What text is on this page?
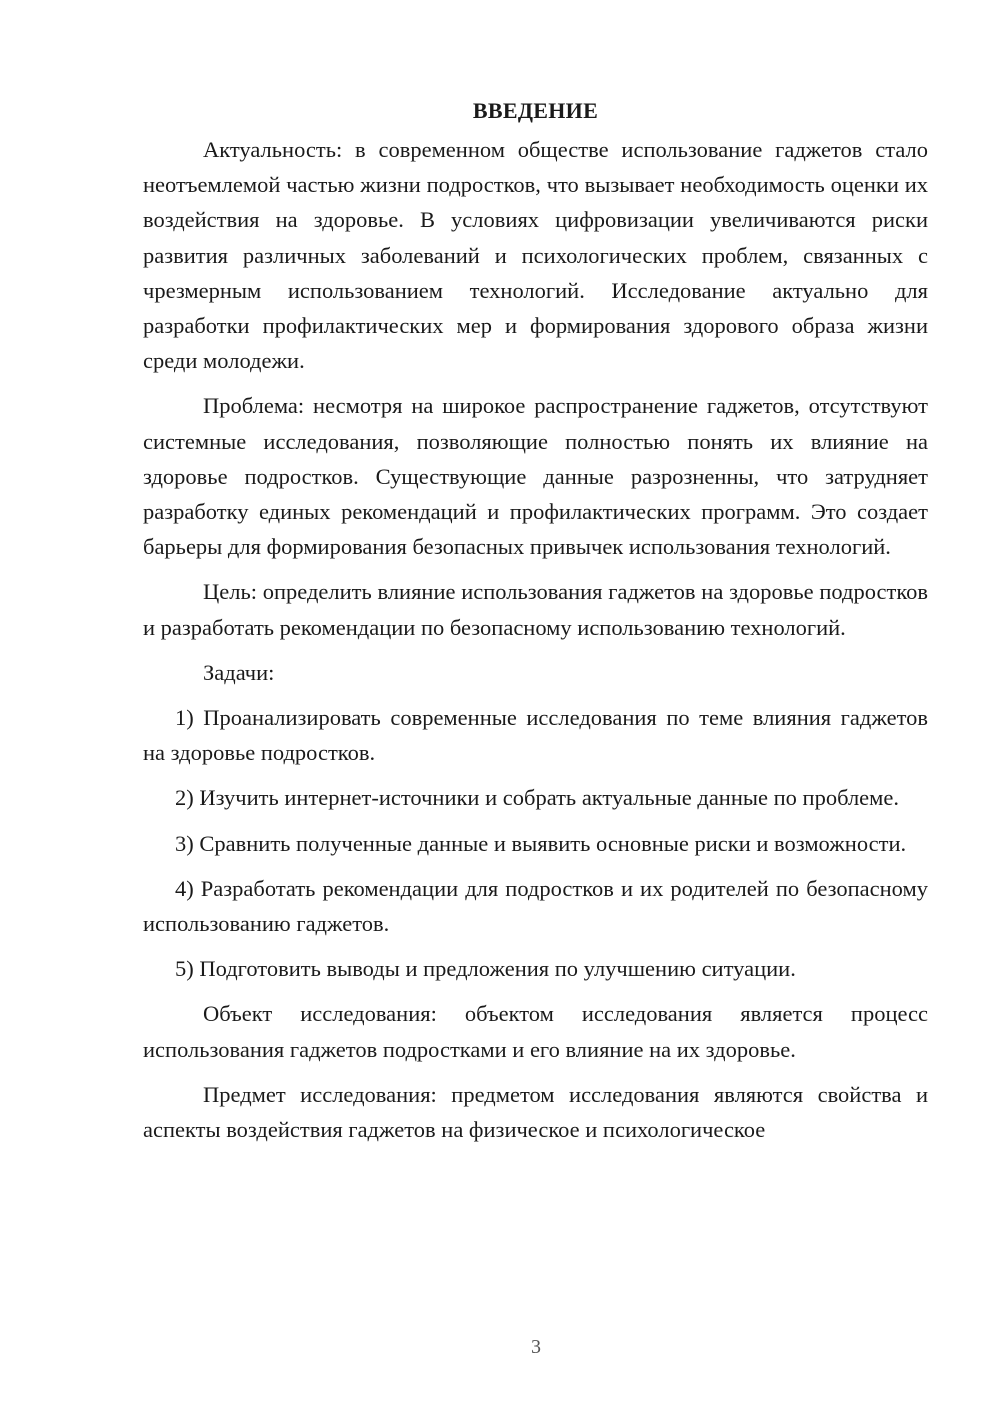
ВВЕДЕНИЕ

Актуальность: в современном обществе использование гаджетов стало неотъемлемой частью жизни подростков, что вызывает необходимость оценки их воздействия на здоровье. В условиях цифровизации увеличиваются риски развития различных заболеваний и психологических проблем, связанных с чрезмерным использованием технологий. Исследование актуально для разработки профилактических мер и формирования здорового образа жизни среди молодежи.

Проблема: несмотря на широкое распространение гаджетов, отсутствуют системные исследования, позволяющие полностью понять их влияние на здоровье подростков. Существующие данные разрозненны, что затрудняет разработку единых рекомендаций и профилактических программ. Это создает барьеры для формирования безопасных привычек использования технологий.

Цель: определить влияние использования гаджетов на здоровье подростков и разработать рекомендации по безопасному использованию технологий.

Задачи:

1) Проанализировать современные исследования по теме влияния гаджетов на здоровье подростков.

2) Изучить интернет-источники и собрать актуальные данные по проблеме.

3) Сравнить полученные данные и выявить основные риски и возможности.

4) Разработать рекомендации для подростков и их родителей по безопасному использованию гаджетов.

5) Подготовить выводы и предложения по улучшению ситуации.

Объект исследования: объектом исследования является процесс использования гаджетов подростками и его влияние на их здоровье.

Предмет исследования: предметом исследования являются свойства и аспекты воздействия гаджетов на физическое и психологическое

3
